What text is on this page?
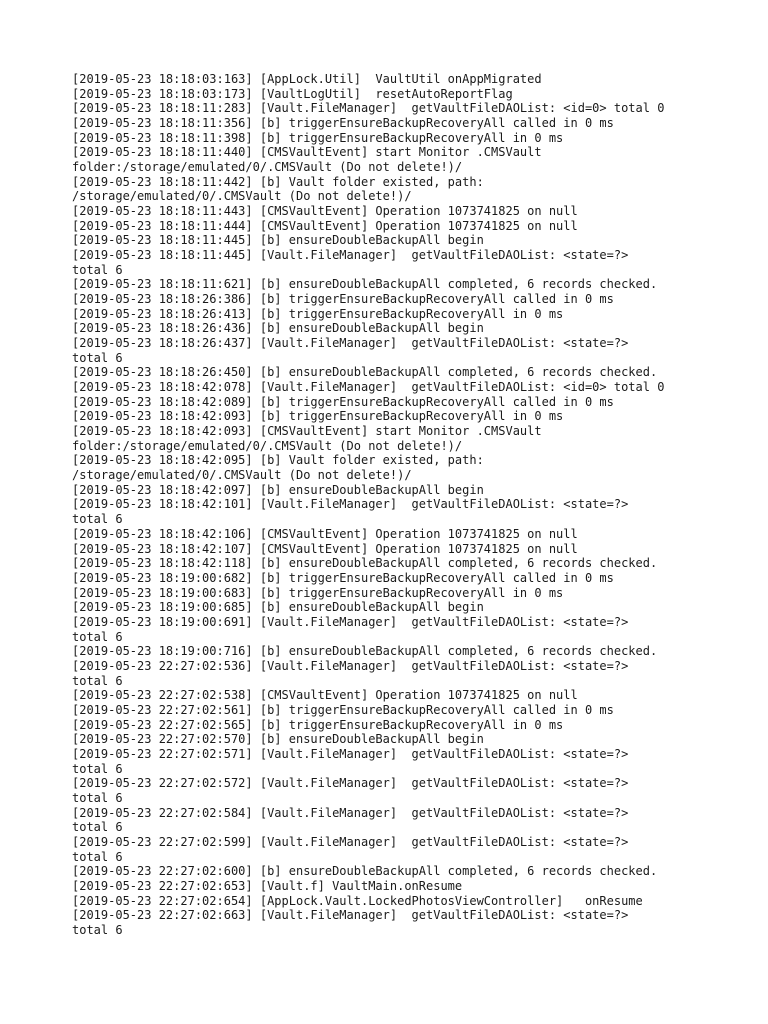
[2019-05-23 18:18:03:163] [AppLock.Util]  VaultUtil onAppMigrated
[2019-05-23 18:18:03:173] [VaultLogUtil]  resetAutoReportFlag
[2019-05-23 18:18:11:283] [Vault.FileManager]  getVaultFileDAOList: <id=0> total 0
[2019-05-23 18:18:11:356] [b] triggerEnsureBackupRecoveryAll called in 0 ms
[2019-05-23 18:18:11:398] [b] triggerEnsureBackupRecoveryAll in 0 ms
[2019-05-23 18:18:11:440] [CMSVaultEvent] start Monitor .CMSVault
folder:/storage/emulated/0/.CMSVault (Do not delete!)/
[2019-05-23 18:18:11:442] [b] Vault folder existed, path:
/storage/emulated/0/.CMSVault (Do not delete!)/
[2019-05-23 18:18:11:443] [CMSVaultEvent] Operation 1073741825 on null
[2019-05-23 18:18:11:444] [CMSVaultEvent] Operation 1073741825 on null
[2019-05-23 18:18:11:445] [b] ensureDoubleBackupAll begin
[2019-05-23 18:18:11:445] [Vault.FileManager]  getVaultFileDAOList: <state=?>
total 6
[2019-05-23 18:18:11:621] [b] ensureDoubleBackupAll completed, 6 records checked.
[2019-05-23 18:18:26:386] [b] triggerEnsureBackupRecoveryAll called in 0 ms
[2019-05-23 18:18:26:413] [b] triggerEnsureBackupRecoveryAll in 0 ms
[2019-05-23 18:18:26:436] [b] ensureDoubleBackupAll begin
[2019-05-23 18:18:26:437] [Vault.FileManager]  getVaultFileDAOList: <state=?>
total 6
[2019-05-23 18:18:26:450] [b] ensureDoubleBackupAll completed, 6 records checked.
[2019-05-23 18:18:42:078] [Vault.FileManager]  getVaultFileDAOList: <id=0> total 0
[2019-05-23 18:18:42:089] [b] triggerEnsureBackupRecoveryAll called in 0 ms
[2019-05-23 18:18:42:093] [b] triggerEnsureBackupRecoveryAll in 0 ms
[2019-05-23 18:18:42:093] [CMSVaultEvent] start Monitor .CMSVault
folder:/storage/emulated/0/.CMSVault (Do not delete!)/
[2019-05-23 18:18:42:095] [b] Vault folder existed, path:
/storage/emulated/0/.CMSVault (Do not delete!)/
[2019-05-23 18:18:42:097] [b] ensureDoubleBackupAll begin
[2019-05-23 18:18:42:101] [Vault.FileManager]  getVaultFileDAOList: <state=?>
total 6
[2019-05-23 18:18:42:106] [CMSVaultEvent] Operation 1073741825 on null
[2019-05-23 18:18:42:107] [CMSVaultEvent] Operation 1073741825 on null
[2019-05-23 18:18:42:118] [b] ensureDoubleBackupAll completed, 6 records checked.
[2019-05-23 18:19:00:682] [b] triggerEnsureBackupRecoveryAll called in 0 ms
[2019-05-23 18:19:00:683] [b] triggerEnsureBackupRecoveryAll in 0 ms
[2019-05-23 18:19:00:685] [b] ensureDoubleBackupAll begin
[2019-05-23 18:19:00:691] [Vault.FileManager]  getVaultFileDAOList: <state=?>
total 6
[2019-05-23 18:19:00:716] [b] ensureDoubleBackupAll completed, 6 records checked.
[2019-05-23 22:27:02:536] [Vault.FileManager]  getVaultFileDAOList: <state=?>
total 6
[2019-05-23 22:27:02:538] [CMSVaultEvent] Operation 1073741825 on null
[2019-05-23 22:27:02:561] [b] triggerEnsureBackupRecoveryAll called in 0 ms
[2019-05-23 22:27:02:565] [b] triggerEnsureBackupRecoveryAll in 0 ms
[2019-05-23 22:27:02:570] [b] ensureDoubleBackupAll begin
[2019-05-23 22:27:02:571] [Vault.FileManager]  getVaultFileDAOList: <state=?>
total 6
[2019-05-23 22:27:02:572] [Vault.FileManager]  getVaultFileDAOList: <state=?>
total 6
[2019-05-23 22:27:02:584] [Vault.FileManager]  getVaultFileDAOList: <state=?>
total 6
[2019-05-23 22:27:02:599] [Vault.FileManager]  getVaultFileDAOList: <state=?>
total 6
[2019-05-23 22:27:02:600] [b] ensureDoubleBackupAll completed, 6 records checked.
[2019-05-23 22:27:02:653] [Vault.f] VaultMain.onResume
[2019-05-23 22:27:02:654] [AppLock.Vault.LockedPhotosViewController]   onResume
[2019-05-23 22:27:02:663] [Vault.FileManager]  getVaultFileDAOList: <state=?>
total 6
